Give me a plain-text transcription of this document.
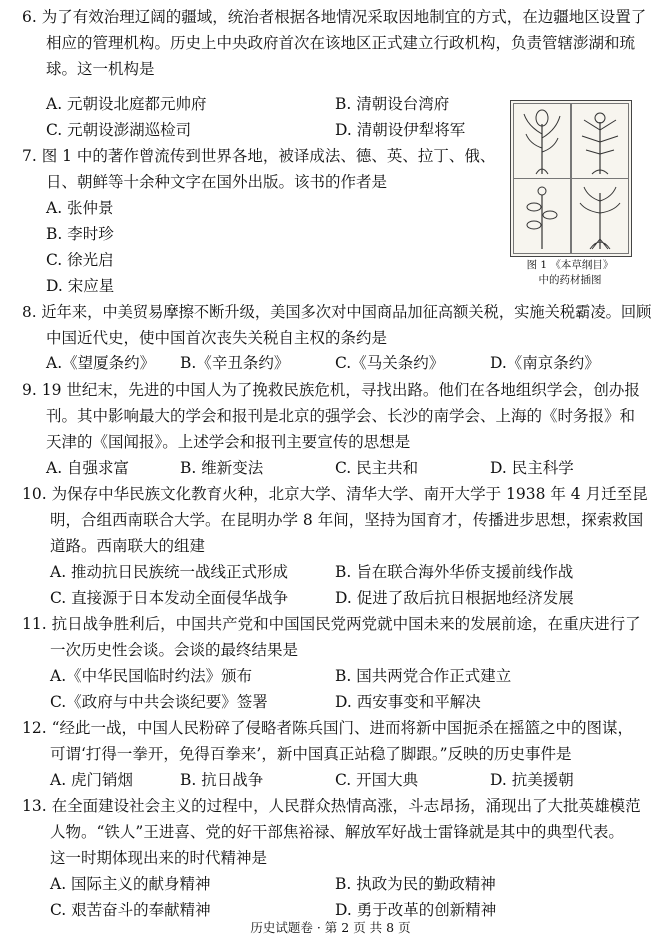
6. 为了有效治理辽阔的疆域，统治者根据各地情况采取因地制宜的方式，在边疆地区设置了
相应的管理机构。历史上中央政府首次在该地区正式建立行政机构，负责管辖澎湖和琉
球。这一机构是
A. 元朝设北庭都元帅府	B. 清朝设台湾府
C. 元朝设澎湖巡检司	D. 清朝设伊犁将军
图 1 《本草纲目》
中的药材插图
7. 图 1 中的著作曾流传到世界各地，被译成法、德、英、拉丁、俄、
日、朝鲜等十余种文字在国外出版。该书的作者是
A. 张仲景
B. 李时珍
C. 徐光启
D. 宋应星
8. 近年来，中美贸易摩擦不断升级，美国多次对中国商品加征高额关税，实施关税霸凌。回顾
中国近代史，使中国首次丧失关税自主权的条约是
A.《望厦条约》 B.《辛丑条约》	C.《马关条约》	D.《南京条约》
9. 19 世纪末，先进的中国人为了挽救民族危机，寻找出路。他们在各地组织学会，创办报
刊。其中影响最大的学会和报刊是北京的强学会、长沙的南学会、上海的《时务报》和
天津的《国闻报》。上述学会和报刊主要宣传的思想是
A. 自强求富	B. 维新变法	C. 民主共和	D. 民主科学
10. 为保存中华民族文化教育火种，北京大学、清华大学、南开大学于 1938 年 4 月迁至昆
明，合组西南联合大学。在昆明办学 8 年间，坚持为国育才，传播进步思想，探索救国
道路。西南联大的组建
A. 推动抗日民族统一战线正式形成	B. 旨在联合海外华侨支援前线作战
C. 直接源于日本发动全面侵华战争	D. 促进了敌后抗日根据地经济发展
11. 抗日战争胜利后，中国共产党和中国国民党两党就中国未来的发展前途，在重庆进行了
一次历史性会谈。会谈的最终结果是
A.《中华民国临时约法》颁布	B. 国共两党合作正式建立
C.《政府与中共会谈纪要》签署	D. 西安事变和平解决
12. “经此一战，中国人民粉碎了侵略者陈兵国门、进而将新中国扼杀在摇篮之中的图谋，
可谓‘打得一拳开，免得百拳来’，新中国真正站稳了脚跟。”反映的历史事件是
A. 虎门销烟	B. 抗日战争	C. 开国大典	D. 抗美援朝
13. 在全面建设社会主义的过程中，人民群众热情高涨，斗志昂扬，涌现出了大批英雄模范
人物。“铁人”王进喜、党的好干部焦裕禄、解放军好战士雷锋就是其中的典型代表。
这一时期体现出来的时代精神是
A. 国际主义的献身精神	B. 执政为民的勤政精神
C. 艰苦奋斗的奉献精神	D. 勇于改革的创新精神
历史试题卷 · 第 2 页 共 8 页
